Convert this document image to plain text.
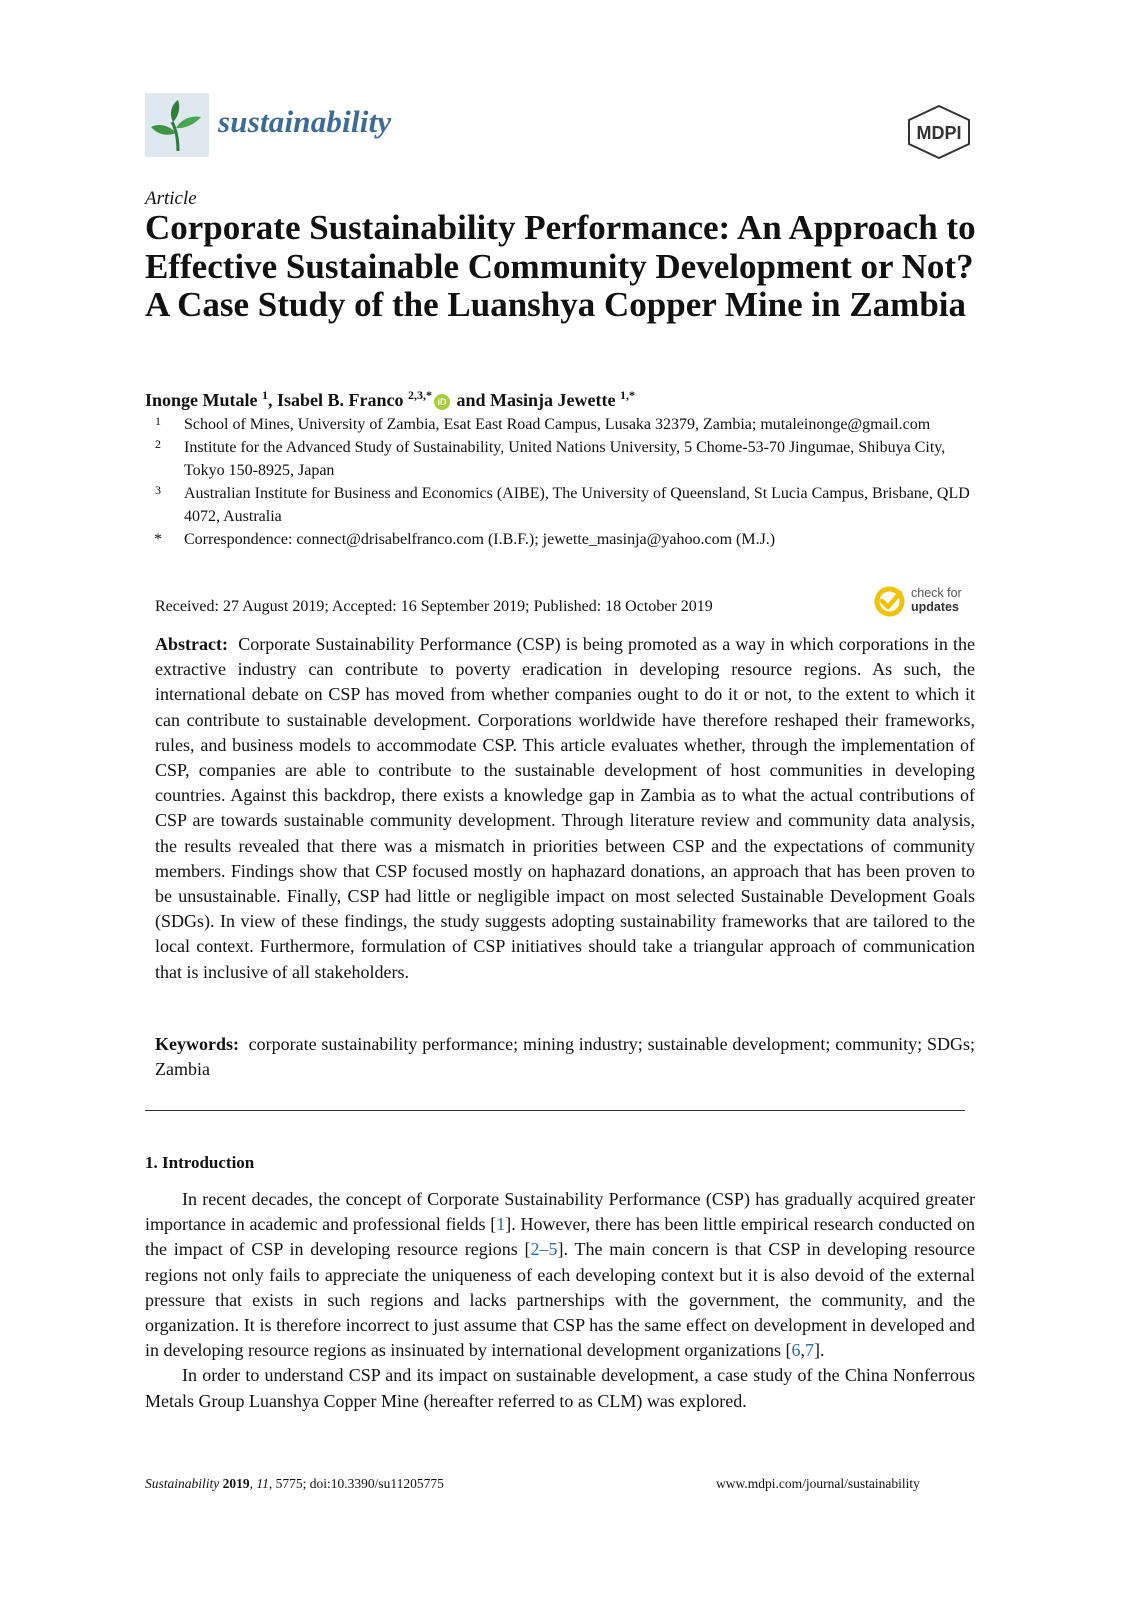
sustainability	MDPI
Article
Corporate Sustainability Performance: An Approach to Effective Sustainable Community Development or Not? A Case Study of the Luanshya Copper Mine in Zambia
Inonge Mutale $^1$, Isabel B. Franco $^{2,3,*}$ iD and Masinja Jewette $^{1,*}$
1 School of Mines, University of Zambia, Esat East Road Campus, Lusaka 32379, Zambia; mutaleinonge@gmail.com
2 Institute for the Advanced Study of Sustainability, United Nations University, 5 Chome-53-70 Jingumae, Shibuya City, Tokyo 150-8925, Japan
3 Australian Institute for Business and Economics (AIBE), The University of Queensland, St Lucia Campus, Brisbane, QLD 4072, Australia
* Correspondence: connect@drisabelfranco.com (I.B.F.); jewette_masinja@yahoo.com (M.J.)
Received: 27 August 2019; Accepted: 16 September 2019; Published: 18 October 2019
check for
updates

Abstract: Corporate Sustainability Performance (CSP) is being promoted as a way in which corporations in the extractive industry can contribute to poverty eradication in developing resource regions. As such, the international debate on CSP has moved from whether companies ought to do it or not, to the extent to which it can contribute to sustainable development. Corporations worldwide have therefore reshaped their frameworks, rules, and business models to accommodate CSP. This article evaluates whether, through the implementation of CSP, companies are able to contribute to the sustainable development of host communities in developing countries. Against this backdrop, there exists a knowledge gap in Zambia as to what the actual contributions of CSP are towards sustainable community development. Through literature review and community data analysis, the results revealed that there was a mismatch in priorities between CSP and the expectations of community members. Findings show that CSP focused mostly on haphazard donations, an approach that has been proven to be unsustainable. Finally, CSP had little or negligible impact on most selected Sustainable Development Goals (SDGs). In view of these findings, the study suggests adopting sustainability frameworks that are tailored to the local context. Furthermore, formulation of CSP initiatives should take a triangular approach of communication that is inclusive of all stakeholders.

Keywords: corporate sustainability performance; mining industry; sustainable development; community; SDGs; Zambia

1. Introduction

In recent decades, the concept of Corporate Sustainability Performance (CSP) has gradually acquired greater importance in academic and professional fields [1]. However, there has been little empirical research conducted on the impact of CSP in developing resource regions [2–5]. The main concern is that CSP in developing resource regions not only fails to appreciate the uniqueness of each developing context but it is also devoid of the external pressure that exists in such regions and lacks partnerships with the government, the community, and the organization. It is therefore incorrect to just assume that CSP has the same effect on development in developed and in developing resource regions as insinuated by international development organizations [6,7].

In order to understand CSP and its impact on sustainable development, a case study of the China Nonferrous Metals Group Luanshya Copper Mine (hereafter referred to as CLM) was explored.

Sustainability 2019, 11, 5775; doi:10.3390/su11205775	www.mdpi.com/journal/sustainability
